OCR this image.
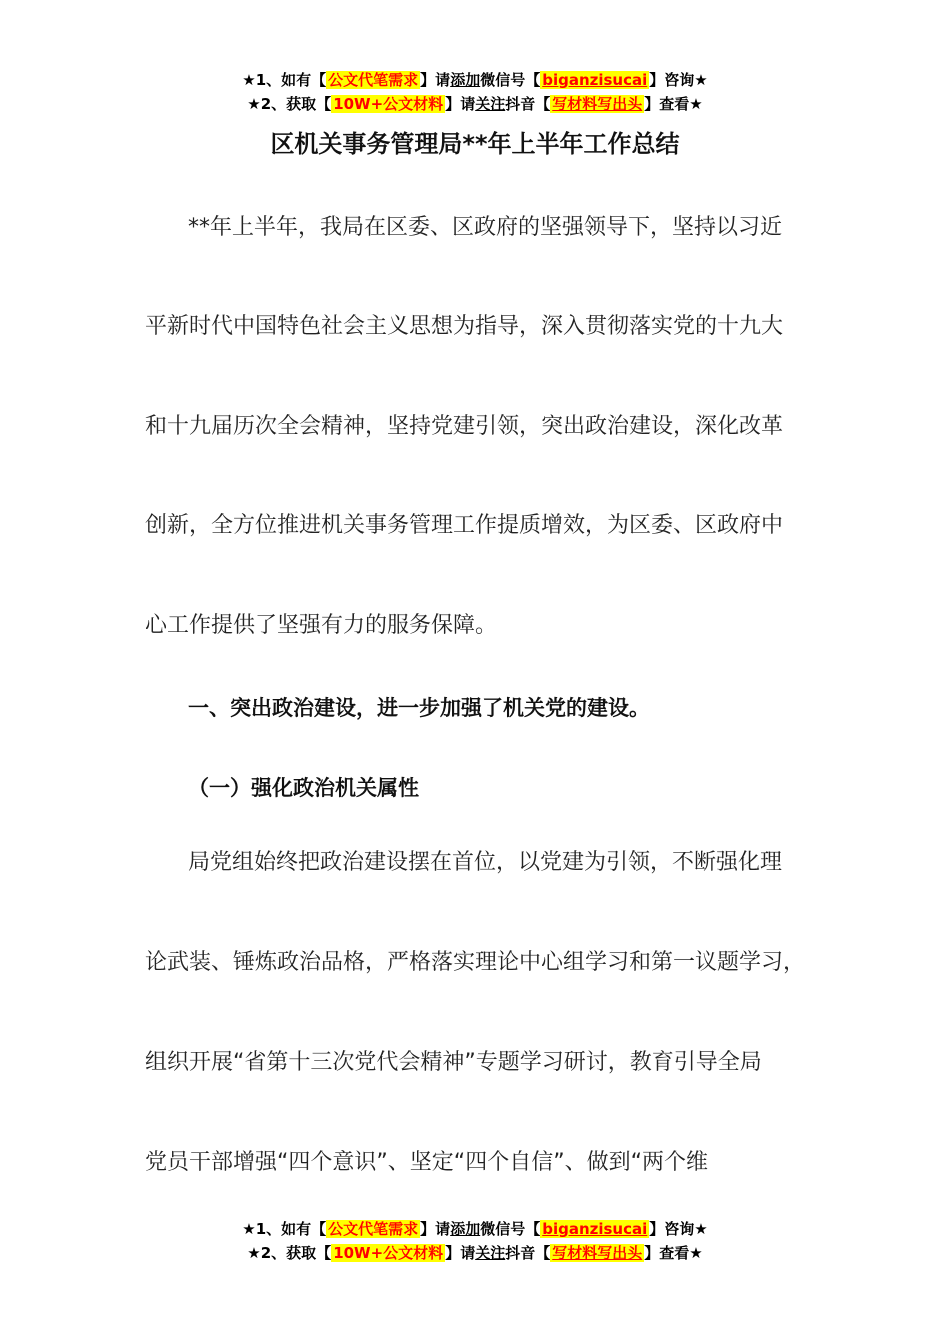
★1、如有【 公文代笔需求 】请添加微信号【 biganzisucai 】咨询★
★2、获取【 10W+公文材料 】请关注抖音【 写材料写出头 】查看★
区机关事务管理局**年上半年工作总结
**年上半年，我局在区委、区政府的坚强领导下，坚持以习近
平新时代中国特色社会主义思想为指导，深入贯彻落实党的十九大
和十九届历次全会精神，坚持党建引领，突出政治建设，深化改革
创新，全方位推进机关事务管理工作提质增效，为区委、区政府中
心工作提供了坚强有力的服务保障。
一、突出政治建设，进一步加强了机关党的建设。
（一）强化政治机关属性
局党组始终把政治建设摆在首位，以党建为引领，不断强化理
论武装、锤炼政治品格，严格落实理论中心组学习和第一议题学习，
组织开展“省第十三次党代会精神”专题学习研讨，教育引导全局
党员干部增强“四个意识”、坚定“四个自信”、做到“两个维
★1、如有【 公文代笔需求 】请添加微信号【 biganzisucai 】咨询★
★2、获取【 10W+公文材料 】请关注抖音【 写材料写出头 】查看★
